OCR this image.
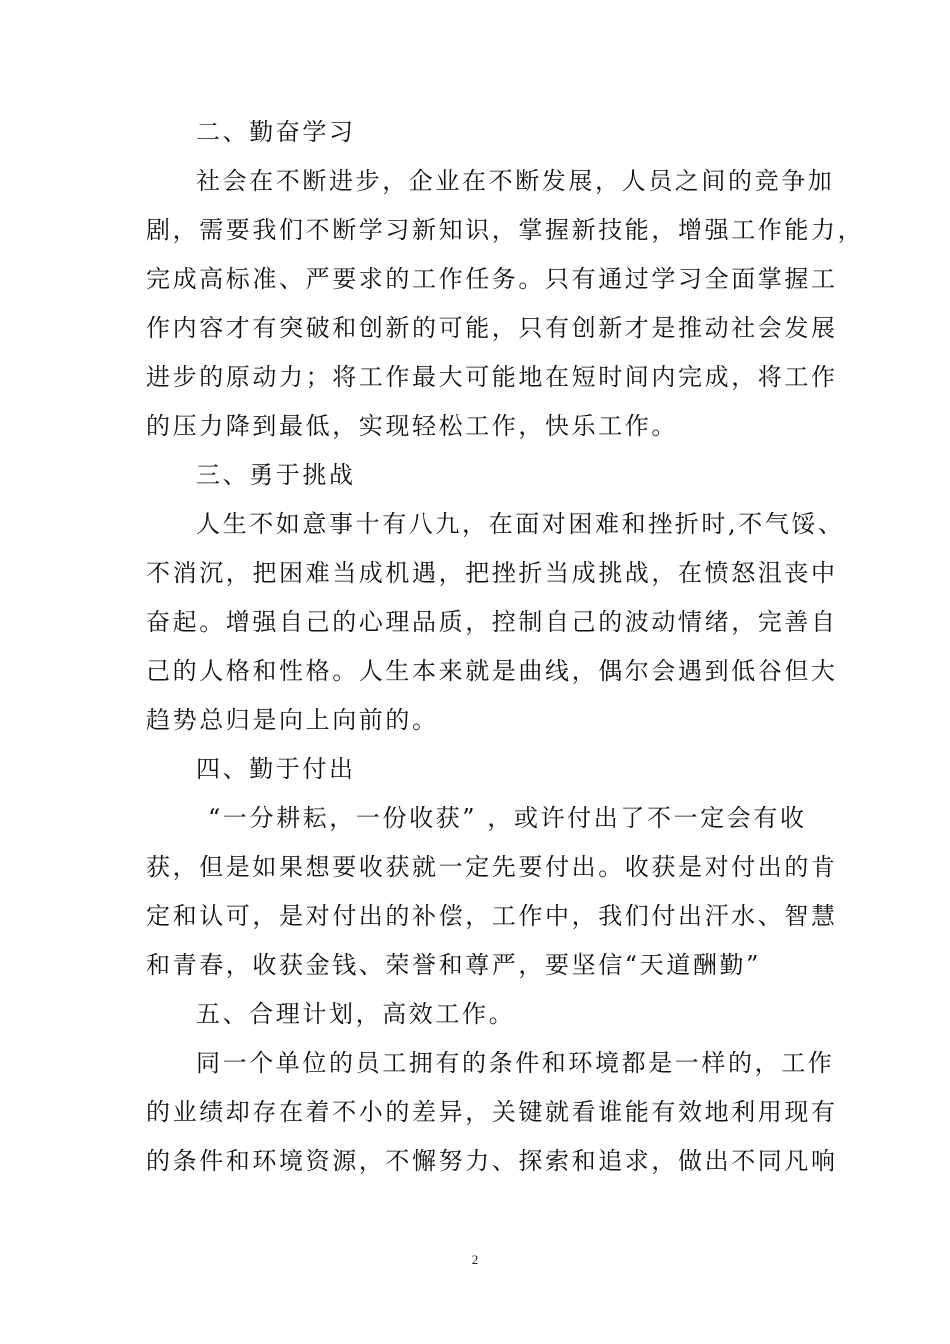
二、勤奋学习
社会在不断进步，企业在不断发展，人员之间的竞争加
剧，需要我们不断学习新知识，掌握新技能，增强工作能力，
完成高标准、严要求的工作任务。只有通过学习全面掌握工
作内容才有突破和创新的可能，只有创新才是推动社会发展
进步的原动力；将工作最大可能地在短时间内完成，将工作
的压力降到最低，实现轻松工作，快乐工作。
三、勇于挑战
人生不如意事十有八九，在面对困难和挫折时,不气馁、
不消沉，把困难当成机遇，把挫折当成挑战，在愤怒沮丧中
奋起。增强自己的心理品质，控制自己的波动情绪，完善自
己的人格和性格。人生本来就是曲线，偶尔会遇到低谷但大
趋势总归是向上向前的。
四、勤于付出
“一分耕耘，一份收获” ，或许付出了不一定会有收
获，但是如果想要收获就一定先要付出。收获是对付出的肯
定和认可，是对付出的补偿，工作中，我们付出汗水、智慧
和青春，收获金钱、荣誉和尊严，要坚信“天道酬勤”
五、合理计划，高效工作。
同一个单位的员工拥有的条件和环境都是一样的，工作
的业绩却存在着不小的差异，关键就看谁能有效地利用现有
的条件和环境资源，不懈努力、探索和追求，做出不同凡响
2
